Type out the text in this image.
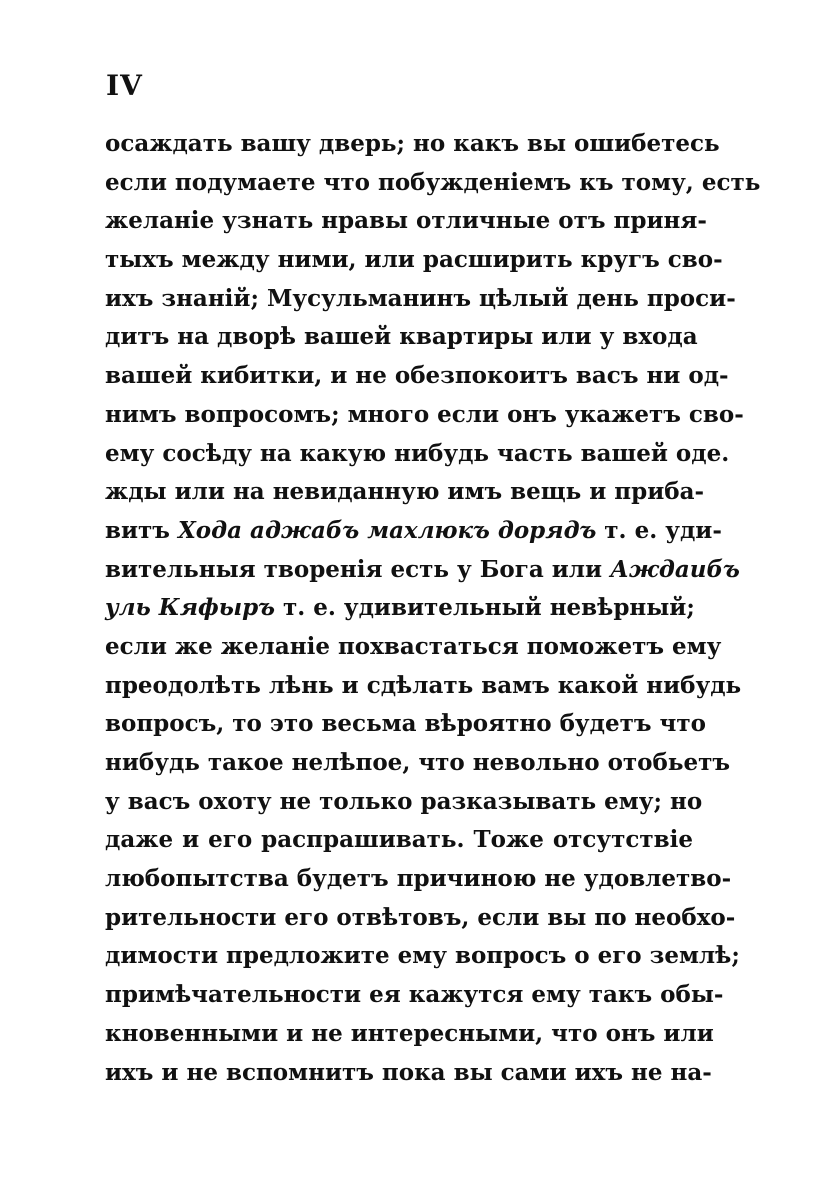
IV
осаждать вашу дверь; но какъ вы ошибетесь
если подумаете что побужденiемъ къ тому, есть
желанiе узнать нравы отличные отъ приня-
тыхъ между ними, или расширить кругъ сво-
ихъ знанiй; Мусульманинъ цѣлый день проси-
дитъ на дворѣ вашей квартиры или у входа
вашей кибитки, и не обезпокоитъ васъ ни од-
нимъ вопросомъ; много если онъ укажетъ сво-
ему сосѣду на какую нибудь часть вашей оде.
жды или на невиданную имъ вещь и приба-
витъ Хода аджабъ махлюкъ дорядъ т. е. уди-
вительныя творенiя есть у Бога или Аждаибъ
уль Кяфыръ т. е. удивительный невѣрный;
если же желанiе похвастаться поможетъ ему
преодолѣть лѣнь и сдѣлать вамъ какой нибудь
вопросъ, то это весьма вѣроятно будетъ что
нибудь такое нелѣпое, что невольно отобьетъ
у васъ охоту не только разказывать ему; но
даже и его распрашивать. Тоже отсутствiе
любопытства будетъ причиною не удовлетво-
рительности его отвѣтовъ, если вы по необхо-
димости предложите ему вопросъ о его землѣ;
примѣчательности ея кажутся ему такъ обы-
кновенными и не интересными, что онъ или
ихъ и не вспомнитъ пока вы сами ихъ не на-
